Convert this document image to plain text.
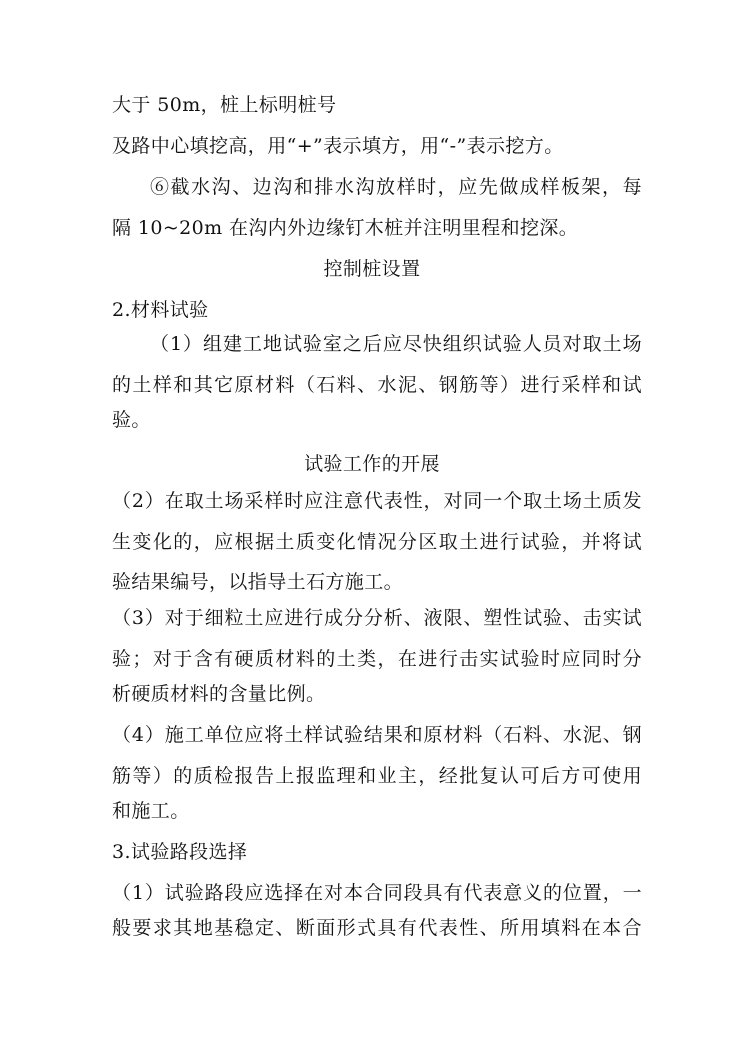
大于 50m，桩上标明桩号
及路中心填挖高，用“+”表示填方，用“-”表示挖方。
⑥截水沟、边沟和排水沟放样时，应先做成样板架，每
隔 10~20m 在沟内外边缘钉木桩并注明里程和挖深。
控制桩设置
2.材料试验
（1）组建工地试验室之后应尽快组织试验人员对取土场
的土样和其它原材料（石料、水泥、钢筋等）进行采样和试
验。
试验工作的开展
（2）在取土场采样时应注意代表性，对同一个取土场土质发
生变化的，应根据土质变化情况分区取土进行试验，并将试
验结果编号，以指导土石方施工。
（3）对于细粒土应进行成分分析、液限、塑性试验、击实试
验；对于含有硬质材料的土类，在进行击实试验时应同时分
析硬质材料的含量比例。
（4）施工单位应将土样试验结果和原材料（石料、水泥、钢
筋等）的质检报告上报监理和业主，经批复认可后方可使用
和施工。
3.试验路段选择
（1）试验路段应选择在对本合同段具有代表意义的位置，一
般要求其地基稳定、断面形式具有代表性、所用填料在本合
